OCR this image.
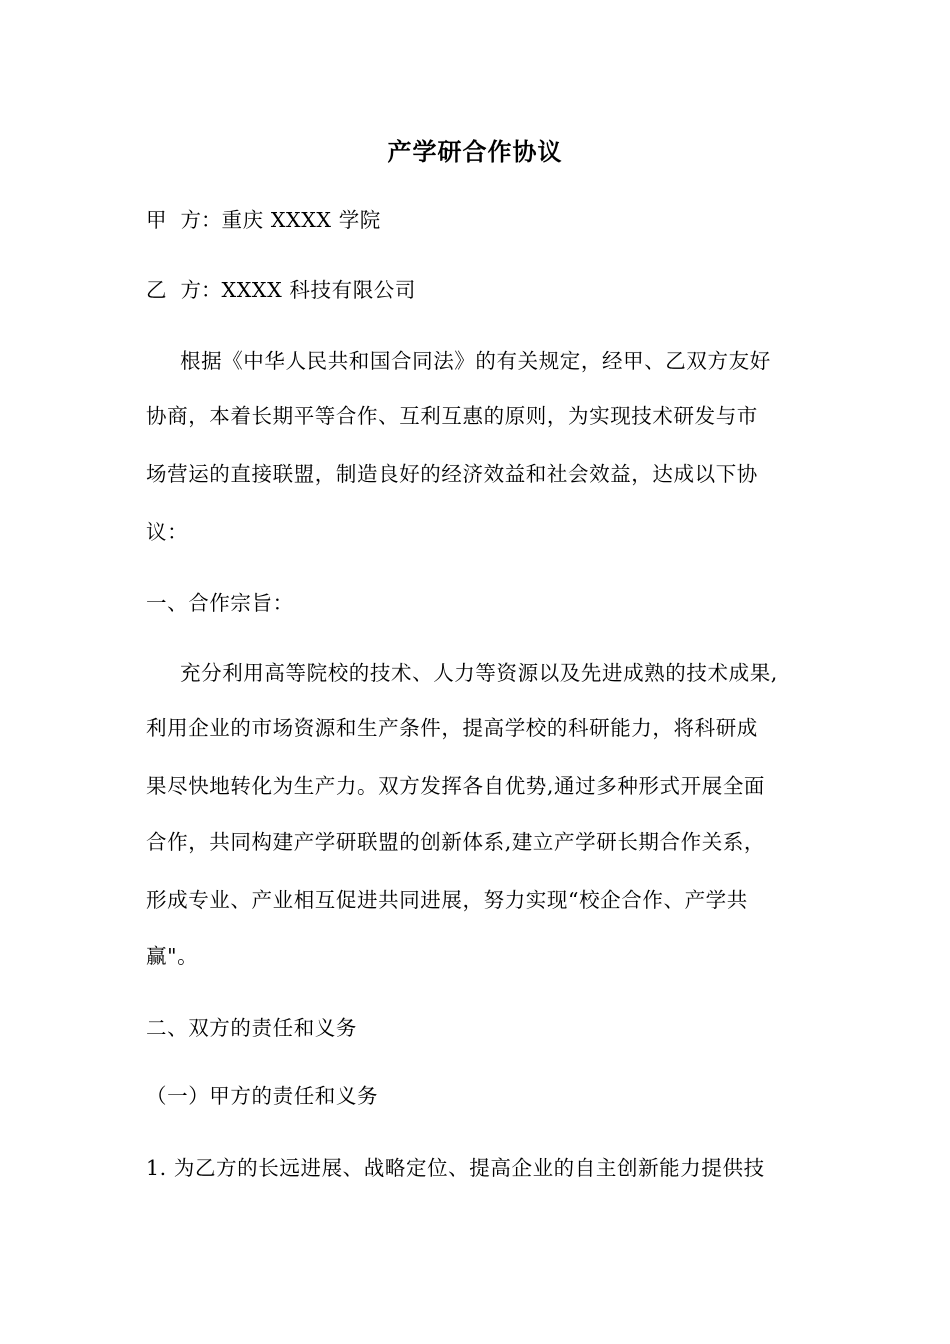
产学研合作协议
甲 方：重庆 XXXX 学院
乙 方：XXXX 科技有限公司
根据《中华人民共和国合同法》的有关规定，经甲、乙双方友好
协商，本着长期平等合作、互利互惠的原则，为实现技术研发与市
场营运的直接联盟，制造良好的经济效益和社会效益，达成以下协
议：
一、合作宗旨：
充分利用高等院校的技术、人力等资源以及先进成熟的技术成果,
利用企业的市场资源和生产条件，提高学校的科研能力，将科研成
果尽快地转化为生产力。双方发挥各自优势,通过多种形式开展全面
合作，共同构建产学研联盟的创新体系,建立产学研长期合作关系，
形成专业、产业相互促进共同进展，努力实现“校企合作、产学共
赢"。
二、双方的责任和义务
（一）甲方的责任和义务
1. 为乙方的长远进展、战略定位、提高企业的自主创新能力提供技
